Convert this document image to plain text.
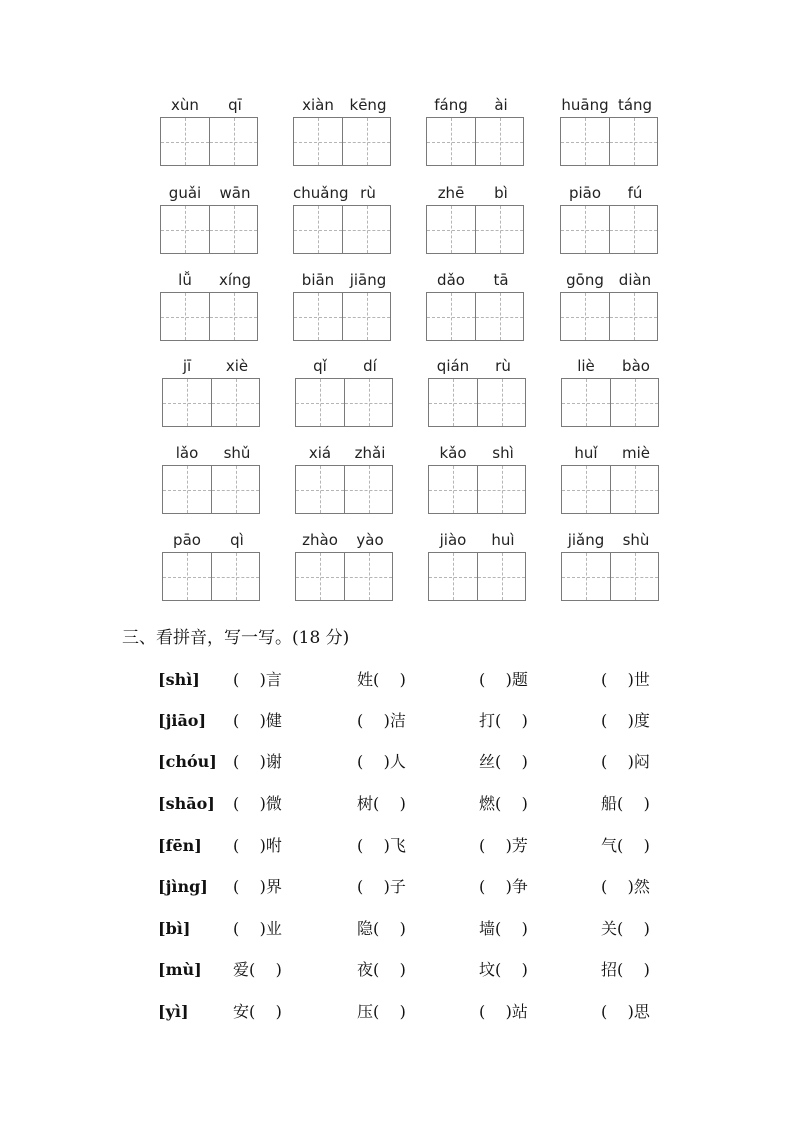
xùn	qī	xiàn	kēng	fáng	ài	huāng táng
guǎi	wān	chuǎng rù	zhē	bì	piāo	fú
lǚ	xíng	biān	jiāng	dǎo	tā	gōng diàn
jī	xiè	qǐ	dí	qián	rù	liè	bào
lǎo	shǔ	xiá	zhǎi	kǎo	shì	huǐ	miè
pāo	qì	zhào	yào	jiào	huì	jiǎng	shù
三、看拼音，写一写。(18 分)
[shì] (    )言	姓(    )	(    )题	(    )世
[jiāo] (    )健	(    )洁	打(    )	(    )度
[chóu] (    )谢	(    )人	丝(    )	(    )闷
[shāo] (    )微	树(    )	燃(    )	船(    )
[fēn] (    )咐	(    )飞	(    )芳	气(    )
[jìng] (    )界	(    )子	(    )争	(    )然
[bì]	(    )业	隐(    )	墙(    )	关(    )
[mù] 爱(    )	夜(    )	坟(    )	招(    )
[yì]	安(    )	压(    )	(    )站	(    )思
